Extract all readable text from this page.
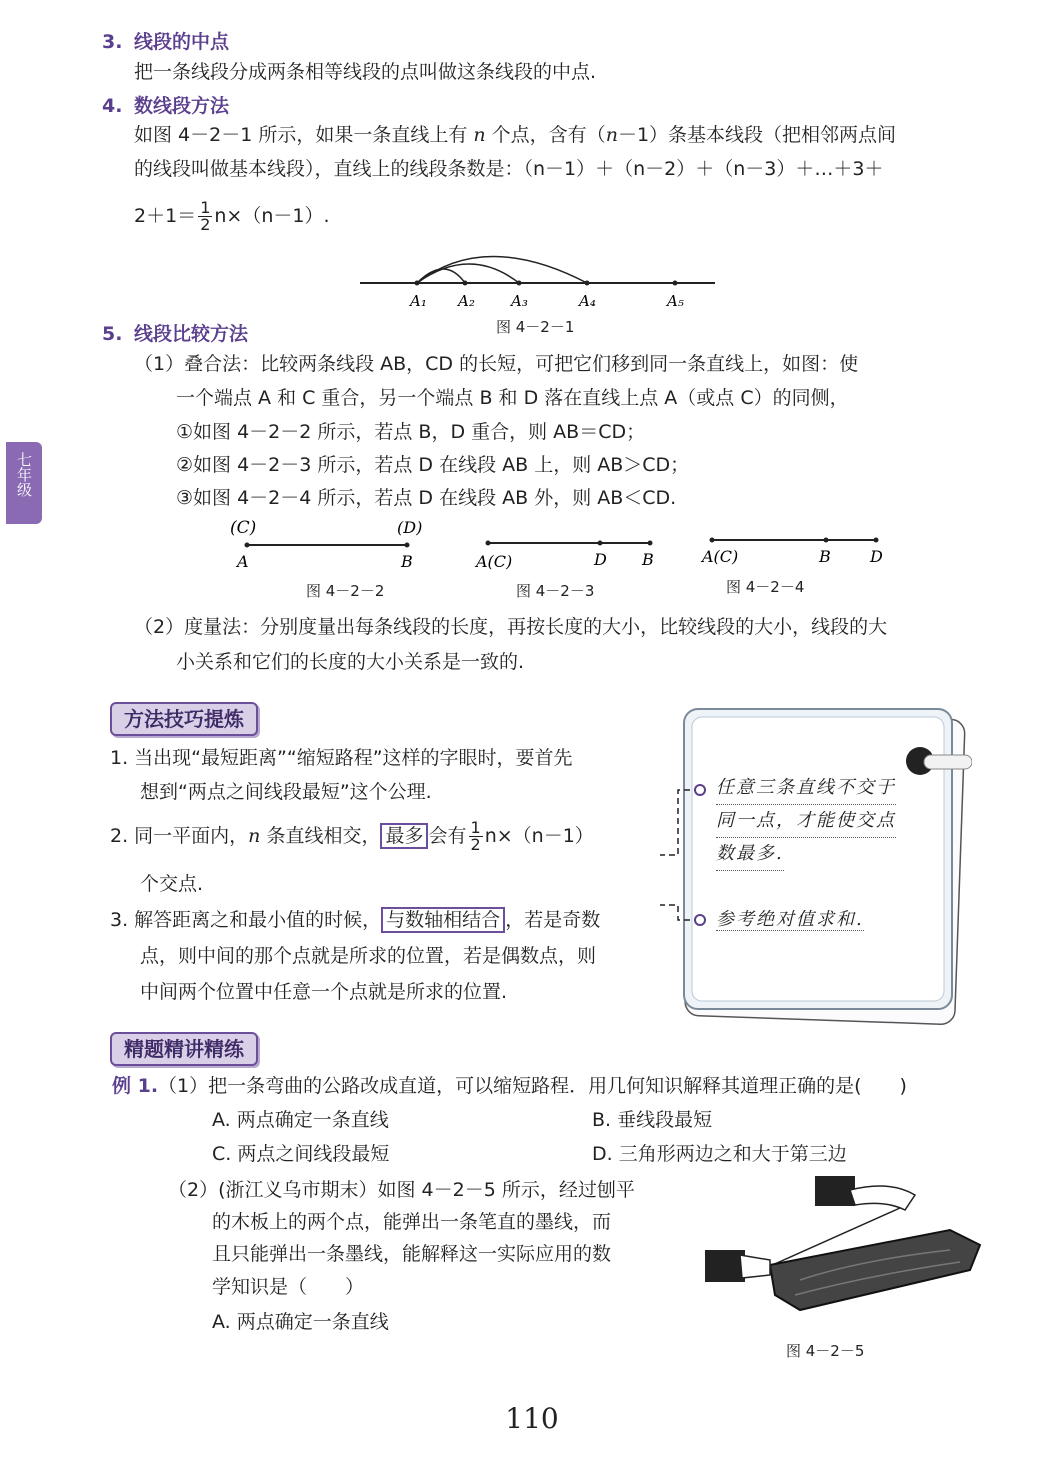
七年级
3. 线段的中点
把一条线段分成两条相等线段的点叫做这条线段的中点.
4. 数线段方法
如图 4－2－1 所示，如果一条直线上有 n 个点，含有（n－1）条基本线段（把相邻两点间
的线段叫做基本线段），直线上的线段条数是：（n－1）＋（n－2）＋（n－3）＋…＋3＋
$2+1= \frac{1}{2} n\times(n-1)$.
A₁ A₂ A₃	A₄	A₅
图 4－2－1
5. 线段比较方法
（1）叠合法：比较两条线段 AB，CD 的长短，可把它们移到同一条直线上，如图：使
一个端点 A 和 C 重合，另一个端点 B 和 D 落在直线上点 A（或点 C）的同侧，
①如图 4－2－2 所示，若点 B，D 重合，则 AB＝CD；
②如图 4－2－3 所示，若点 D 在线段 AB 上，则 AB＞CD；
③如图 4－2－4 所示，若点 D 在线段 AB 外，则 AB＜CD.
(C)	(D)
A	B
图 4－2－2
A(C)	D B
图 4－2－3
A(C)	B D
图 4－2－4
（2）度量法：分别度量出每条线段的长度，再按长度的大小，比较线段的大小，线段的大
小关系和它们的长度的大小关系是一致的.
方法技巧提炼
1. 当出现“最短距离”“缩短路程”这样的字眼时，要首先
想到“两点之间线段最短”这个公理.
2. 同一平面内，n 条直线相交， 最多 会有 $\frac{1}{2} n\times(n-1)$
个交点.
3. 解答距离之和最小值的时候， 与数轴相结合 ，若是奇数
点，则中间的那个点就是所求的位置，若是偶数点，则
中间两个位置中任意一个点就是所求的位置.
任意三条直线不交于
同一点，才能使交点
数最多.
参考绝对值求和.
精题精讲精练
例 1. （1）把一条弯曲的公路改成直道，可以缩短路程．用几何知识解释其道理正确的是(　　)
A. 两点确定一条直线	B. 垂线段最短
C. 两点之间线段最短	D. 三角形两边之和大于第三边
（2）(浙江义乌市期末）如图 4－2－5 所示，经过刨平
的木板上的两个点，能弹出一条笔直的墨线，而
且只能弹出一条墨线，能解释这一实际应用的数
学知识是（　　）
A. 两点确定一条直线
图 4－2－5
110
